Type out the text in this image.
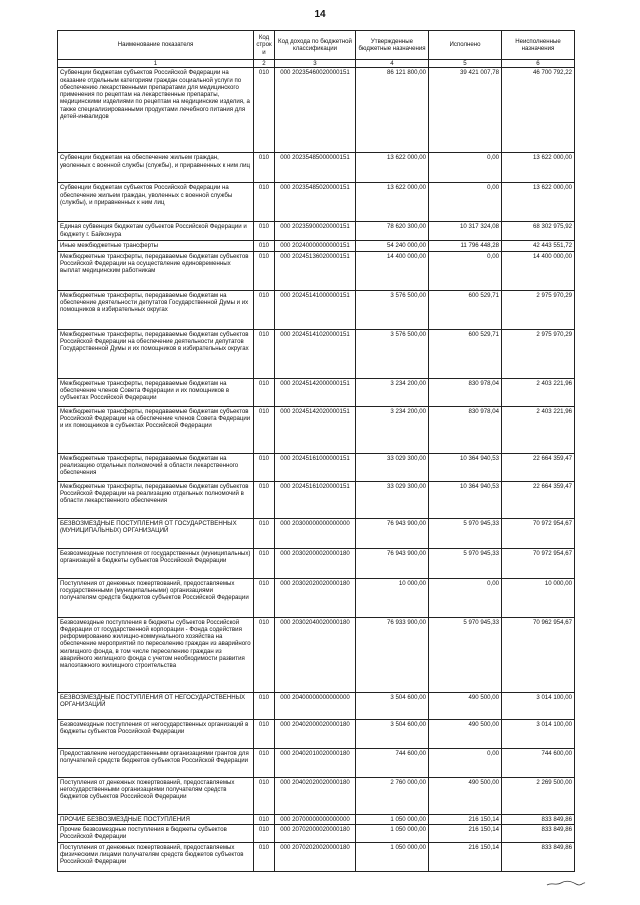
14
Наименование показателя	Код строк и	Код дохода по бюджетной классификации	Утвержденные бюджетные назначения	Исполнено	Неисполненные назначения
1	2	3	4	5	6
Субвенции бюджетам субъектов Российской Федерации на оказание отдельным категориям граждан социальной услуги по обеспечению лекарственными препаратами для медицинского применения по рецептам на лекарственные препараты, медицинскими изделиями по рецептам на медицинские изделия, а также специализированными продуктами лечебного питания для детей-инвалидов	010	000 20235460020000151	86 121 800,00	39 421 007,78	46 700 792,22
Субвенции бюджетам на обеспечение жильем граждан, уволенных с военной службы (службы), и приравненных к ним лиц	010	000 20235485000000151	13 622 000,00	0,00	13 622 000,00
Субвенции бюджетам субъектов Российской Федерации на обеспечение жильем граждан, уволенных с военной службы (службы), и приравненных к ним лиц	010	000 20235485020000151	13 622 000,00	0,00	13 622 000,00
Единая субвенция бюджетам субъектов Российской Федерации и бюджету г. Байконура	010	000 20235900020000151	78 620 300,00	10 317 324,08	68 302 975,92
Иные межбюджетные трансферты	010	000 20240000000000151	54 240 000,00	11 796 448,28	42 443 551,72
Межбюджетные трансферты, передаваемые бюджетам субъектов Российской Федерации на осуществление единовременных выплат медицинским работникам	010	000 20245136020000151	14 400 000,00	0,00	14 400 000,00
Межбюджетные трансферты, передаваемые бюджетам на обеспечение деятельности депутатов Государственной Думы и их помощников в избирательных округах	010	000 20245141000000151	3 576 500,00	600 529,71	2 975 970,29
Межбюджетные трансферты, передаваемые бюджетам субъектов Российской Федерации на обеспечение деятельности депутатов Государственной Думы и их помощников в избирательных округах	010	000 20245141020000151	3 576 500,00	600 529,71	2 975 970,29
Межбюджетные трансферты, передаваемые бюджетам на обеспечение членов Совета Федерации и их помощников в субъектах Российской Федерации	010	000 20245142000000151	3 234 200,00	830 978,04	2 403 221,96
Межбюджетные трансферты, передаваемые бюджетам субъектов Российской Федерации на обеспечение членов Совета Федерации и их помощников в субъектах Российской Федерации	010	000 20245142020000151	3 234 200,00	830 978,04	2 403 221,96
Межбюджетные трансферты, передаваемые бюджетам на реализацию отдельных полномочий в области лекарственного обеспечения	010	000 20245161000000151	33 029 300,00	10 364 940,53	22 664 359,47
Межбюджетные трансферты, передаваемые бюджетам субъектов Российской Федерации на реализацию отдельных полномочий в области лекарственного обеспечения	010	000 20245161020000151	33 029 300,00	10 364 940,53	22 664 359,47
БЕЗВОЗМЕЗДНЫЕ ПОСТУПЛЕНИЯ ОТ ГОСУДАРСТВЕННЫХ (МУНИЦИПАЛЬНЫХ) ОРГАНИЗАЦИЙ	010	000 20300000000000000	76 943 900,00	5 970 945,33	70 972 954,67
Безвозмездные поступления от государственных (муниципальных) организаций в бюджеты субъектов Российской Федерации	010	000 20302000020000180	76 943 900,00	5 970 945,33	70 972 954,67
Поступления от денежных пожертвований, предоставляемых государственными (муниципальными) организациями получателям средств бюджетов субъектов Российской Федерации	010	000 20302020020000180	10 000,00	0,00	10 000,00
Безвозмездные поступления в бюджеты субъектов Российской Федерации от государственной корпорации - Фонда содействия реформированию жилищно-коммунального хозяйства на обеспечение мероприятий по переселению граждан из аварийного жилищного фонда, в том числе переселению граждан из аварийного жилищного фонда с учетом необходимости развития малоэтажного жилищного строительства	010	000 20302040020000180	76 933 900,00	5 970 945,33	70 962 954,67
БЕЗВОЗМЕЗДНЫЕ ПОСТУПЛЕНИЯ ОТ НЕГОСУДАРСТВЕННЫХ ОРГАНИЗАЦИЙ	010	000 20400000000000000	3 504 600,00	490 500,00	3 014 100,00
Безвозмездные поступления от негосударственных организаций в бюджеты субъектов Российской Федерации	010	000 20402000020000180	3 504 600,00	490 500,00	3 014 100,00
Предоставление негосударственными организациями грантов для получателей средств бюджетов субъектов Российской Федерации	010	000 20402010020000180	744 600,00	0,00	744 600,00
Поступления от денежных пожертвований, предоставляемых негосударственными организациями получателям средств бюджетов субъектов Российской Федерации	010	000 20402020020000180	2 760 000,00	490 500,00	2 269 500,00
ПРОЧИЕ БЕЗВОЗМЕЗДНЫЕ ПОСТУПЛЕНИЯ	010	000 20700000000000000	1 050 000,00	216 150,14	833 849,86
Прочие безвозмездные поступления в бюджеты субъектов Российской Федерации	010	000 20702000020000180	1 050 000,00	216 150,14	833 849,86
Поступления от денежных пожертвований, предоставляемых физическими лицами получателям средств бюджетов субъектов Российской Федерации	010	000 20702020020000180	1 050 000,00	216 150,14	833 849,86
